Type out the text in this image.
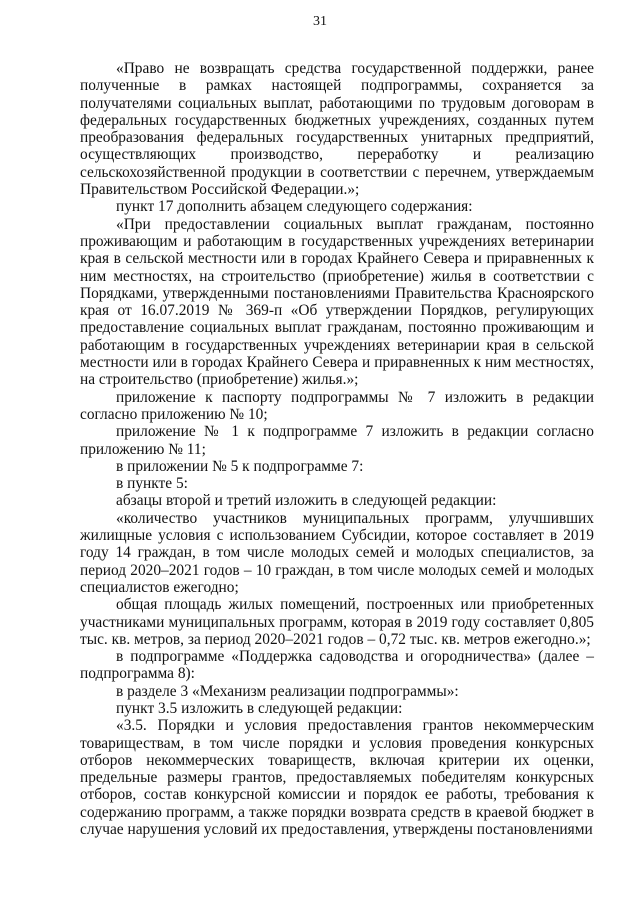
31

«Право не возвращать средства государственной поддержки, ранее полученные в рамках настоящей подпрограммы, сохраняется за получателями социальных выплат, работающими по трудовым договорам в федеральных государственных бюджетных учреждениях, созданных путем преобразования федеральных государственных унитарных предприятий, осуществляющих производство, переработку и реализацию сельскохозяйственной продукции в соответствии с перечнем, утверждаемым Правительством Российской Федерации.»;

пункт 17 дополнить абзацем следующего содержания:

«При предоставлении социальных выплат гражданам, постоянно проживающим и работающим в государственных учреждениях ветеринарии края в сельской местности или в городах Крайнего Севера и приравненных к ним местностях, на строительство (приобретение) жилья в соответствии с Порядками, утвержденными постановлениями Правительства Красноярского края от 16.07.2019 № 369-п «Об утверждении Порядков, регулирующих предоставление социальных выплат гражданам, постоянно проживающим и работающим в государственных учреждениях ветеринарии края в сельской местности или в городах Крайнего Севера и приравненных к ним местностях, на строительство (приобретение) жилья.»;

приложение к паспорту подпрограммы № 7 изложить в редакции согласно приложению № 10;

приложение № 1 к подпрограмме 7 изложить в редакции согласно приложению № 11;

в приложении № 5 к подпрограмме 7:

в пункте 5:

абзацы второй и третий изложить в следующей редакции:

«количество участников муниципальных программ, улучшивших жилищные условия с использованием Субсидии, которое составляет в 2019 году 14 граждан, в том числе молодых семей и молодых специалистов, за период 2020–2021 годов – 10 граждан, в том числе молодых семей и молодых специалистов ежегодно;

общая площадь жилых помещений, построенных или приобретенных участниками муниципальных программ, которая в 2019 году составляет 0,805 тыс. кв. метров, за период 2020–2021 годов – 0,72 тыс. кв. метров ежегодно.»;

в подпрограмме «Поддержка садоводства и огородничества» (далее – подпрограмма 8):

в разделе 3 «Механизм реализации подпрограммы»:

пункт 3.5 изложить в следующей редакции:

«3.5. Порядки и условия предоставления грантов некоммерческим товариществам, в том числе порядки и условия проведения конкурсных отборов некоммерческих товариществ, включая критерии их оценки, предельные размеры грантов, предоставляемых победителям конкурсных отборов, состав конкурсной комиссии и порядок ее работы, требования к содержанию программ, а также порядки возврата средств в краевой бюджет в случае нарушения условий их предоставления, утверждены постановлениями
